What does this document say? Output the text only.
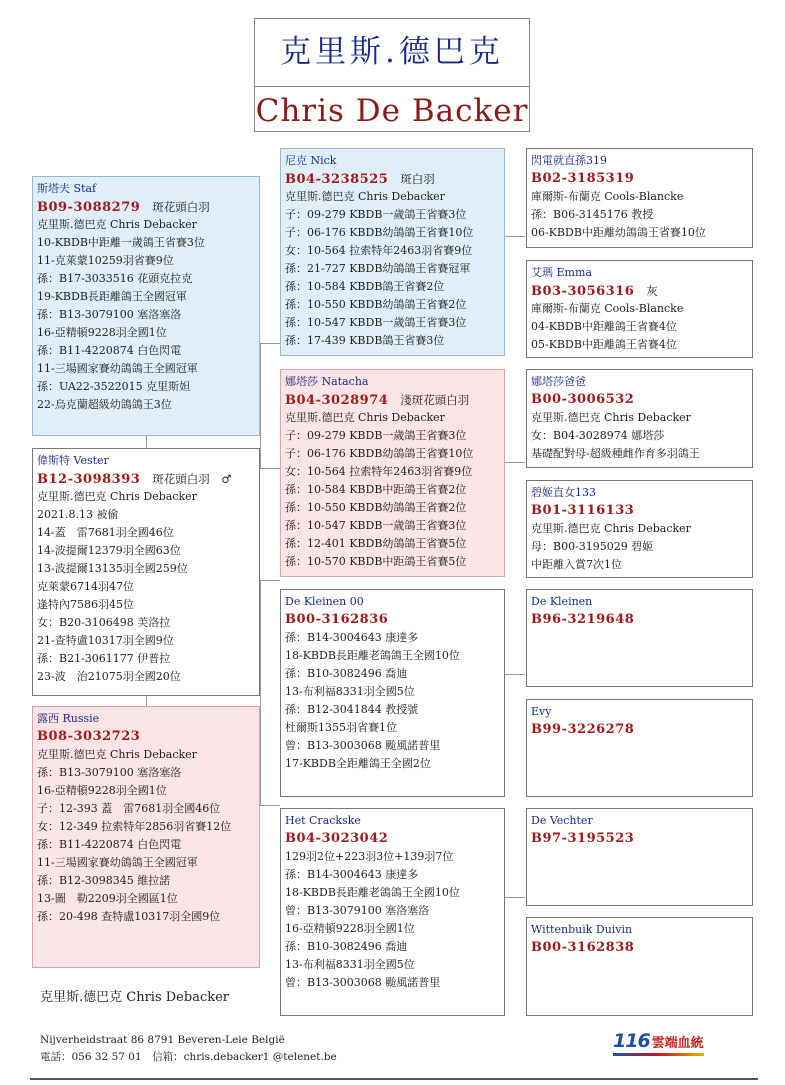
克里斯.德巴克
Chris De Backer
斯塔夫 Staf
B09-3088279 斑花頭白羽
克里斯.德巴克 Chris Debacker
10-KBDB中距離一歲鴿王省賽3位
11-克萊蒙10259羽省賽9位
孫：B17-3033516 花頭克拉克
19-KBDB長距離鴿王全國冠軍
孫：B13-3079100 塞洛塞洛
16-亞精頓9228羽全國1位
孫：B11-4220874 白色閃電
11-三場國家賽幼鴿鴿王全國冠軍
孫：UA22-3522015 克里斯妲
22-烏克蘭超級幼鴿鴿王3位
偉斯特 Vester
B12-3098393 斑花頭白羽　♂
克里斯.德巴克 Chris Debacker
2021.8.13 被偷
14-蓋　雷7681羽全國46位
14-波提爾12379羽全國63位
13-波提爾13135羽全國259位
克萊蒙6714羽47位
逢特內7586羽45位
女：B20-3106498 芙洛拉
21-查特盧10317羽全國9位
孫：B21-3061177 伊普拉
23-波　治21075羽全國20位
露西 Russie
B08-3032723
克里斯.德巴克 Chris Debacker
孫：B13-3079100 塞洛塞洛
16-亞精頓9228羽全國1位
子：12-393 蓋　雷7681羽全國46位
女：12-349 拉索特年2856羽省賽12位
孫：B11-4220874 白色閃電
11-三場國家賽幼鴿鴿王全國冠軍
孫：B12-3098345 維拉諾
13-圖　勒2209羽全國區1位
孫：20-498 查特盧10317羽全國9位
尼克 Nick
B04-3238525 斑白羽
克里斯.德巴克 Chris Debacker
子：09-279 KBDB一歲鴿王省賽3位
子：06-176 KBDB幼鴿鴿王省賽10位
女：10-564 拉索特年2463羽省賽9位
孫：21-727 KBDB幼鴿鴿王省賽冠軍
孫：10-584 KBDB鴿王省賽2位
孫：10-550 KBDB幼鴿鴿王省賽2位
孫：10-547 KBDB一歲鴿王省賽3位
孫：17-439 KBDB鴿王省賽3位
娜塔莎 Natacha
B04-3028974 淺斑花頭白羽
克里斯.德巴克 Chris Debacker
子：09-279 KBDB一歲鴿王省賽3位
子：06-176 KBDB幼鴿鴿王省賽10位
女：10-564 拉索特年2463羽省賽9位
孫：10-584 KBDB中距鴿王省賽2位
孫：10-550 KBDB幼鴿鴿王省賽2位
孫：10-547 KBDB一歲鴿王省賽3位
孫：12-401 KBDB幼鴿鴿王省賽5位
孫：10-570 KBDB中距鴿王省賽5位
De Kleinen 00
B00-3162836
孫：B14-3004643 康達多
18-KBDB長距離老鴿鴿王全國10位
孫：B10-3082496 喬迪
13-布利福8331羽全國5位
孫：B12-3041844 教授號
杜爾斯1355羽省賽1位
曾：B13-3003068 颱風諾普里
17-KBDB全距離鴿王全國2位
Het Crackske
B04-3023042
129羽2位+223羽3位+139羽7位
孫：B14-3004643 康達多
18-KBDB長距離老鴿鴿王全國10位
曾：B13-3079100 塞洛塞洛
16-亞精頓9228羽全國1位
孫：B10-3082496 喬迪
13-布利福8331羽全國5位
曾：B13-3003068 颱風諾普里
閃電就直孫319
B02-3185319
庫爾斯-布蘭克 Cools-Blancke
孫：B06-3145176 教授
06-KBDB中距離幼鴿鴿王省賽10位
艾瑪 Emma
B03-3056316 灰
庫爾斯-布蘭克 Cools-Blancke
04-KBDB中距離鴿王省賽4位
05-KBDB中距離鴿王省賽4位
娜塔莎爸爸
B00-3006532
克里斯.德巴克 Chris Debacker
女：B04-3028974 娜塔莎
基礎配對母-超級種雌作育多羽鴿王
碧姬直女133
B01-3116133
克里斯.德巴克 Chris Debacker
母：B00-3195029 碧姬
中距離入賞7次1位
De Kleinen
B96-3219648
Evy
B99-3226278
De Vechter
B97-3195523
Wittenbuik Duivin
B00-3162838
克里斯.德巴克 Chris Debacker
Nijverheidstraat 86 8791 Beveren-Leie België
電話：056 32 57 01　信箱：chris.debacker1 @telenet.be
116 雲端血統
